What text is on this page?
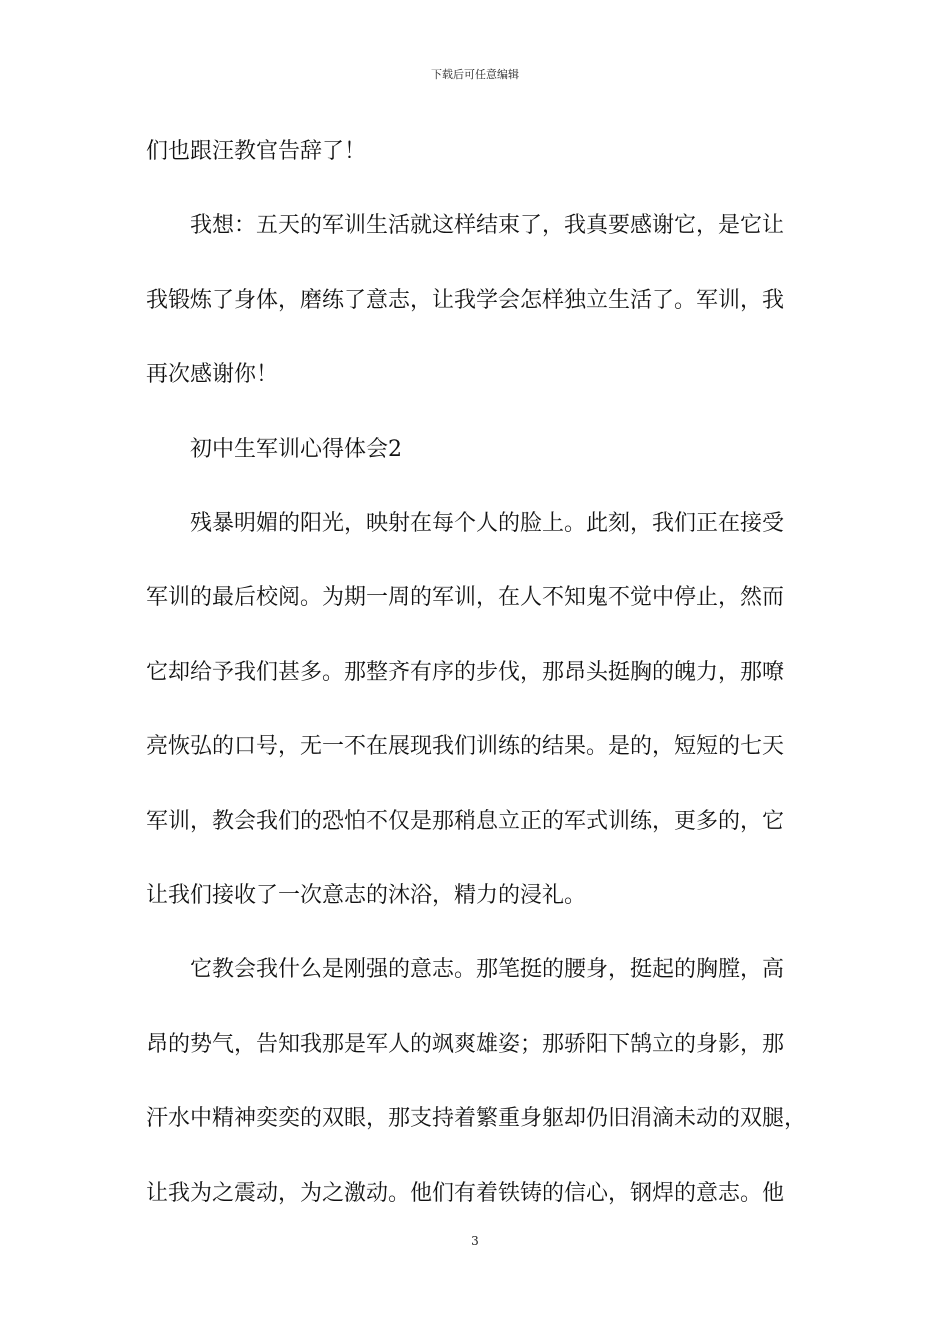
下载后可任意编辑
们也跟汪教官告辞了！
我想：五天的军训生活就这样结束了，我真要感谢它，是它让
我锻炼了身体，磨练了意志，让我学会怎样独立生活了。军训，我
再次感谢你！
初中生军训心得体会2
残暴明媚的阳光，映射在每个人的脸上。此刻，我们正在接受
军训的最后校阅。为期一周的军训，在人不知鬼不觉中停止，然而
它却给予我们甚多。那整齐有序的步伐，那昂头挺胸的魄力，那嘹
亮恢弘的口号，无一不在展现我们训练的结果。是的，短短的七天
军训，教会我们的恐怕不仅是那稍息立正的军式训练，更多的，它
让我们接收了一次意志的沐浴，精力的浸礼。
它教会我什么是刚强的意志。那笔挺的腰身，挺起的胸膛，高
昂的势气，告知我那是军人的飒爽雄姿；那骄阳下鹄立的身影，那
汗水中精神奕奕的双眼，那支持着繁重身躯却仍旧涓滴未动的双腿，
让我为之震动，为之激动。他们有着铁铸的信心，钢焊的意志。他
3
